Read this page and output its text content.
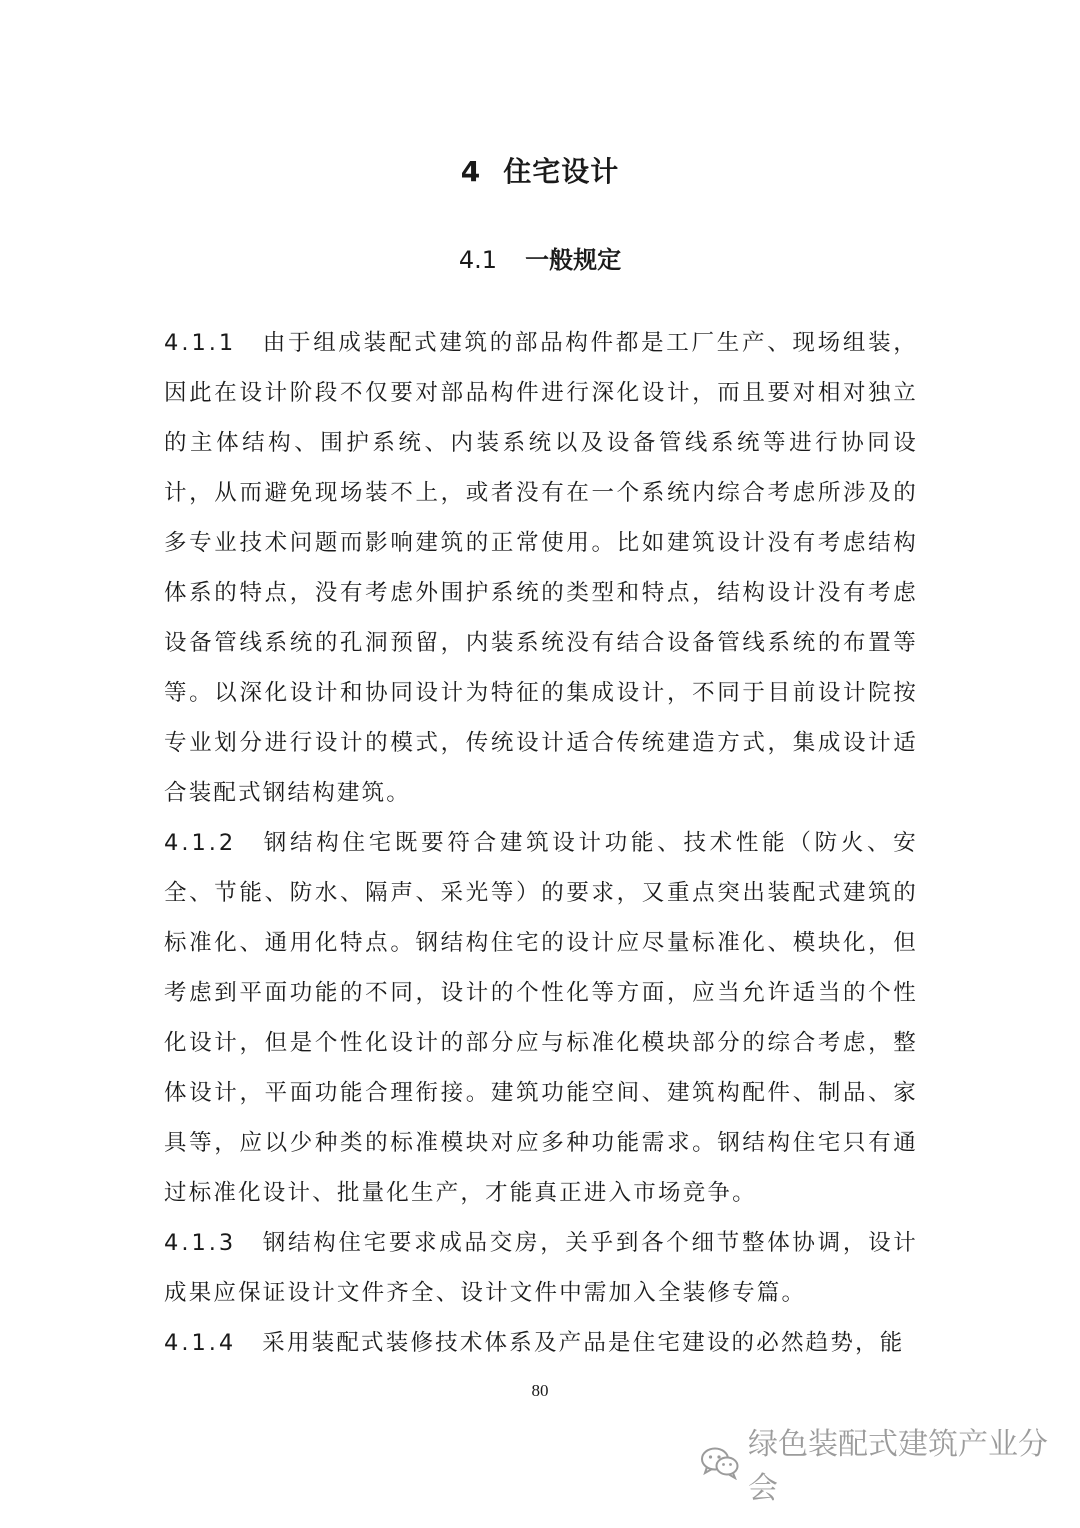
4 住宅设计
4.1 一般规定

4.1.1 由于组成装配式建筑的部品构件都是工厂生产、现场组装，因此在设计阶段不仅要对部品构件进行深化设计，而且要对相对独立的主体结构、围护系统、内装系统以及设备管线系统等进行协同设计，从而避免现场装不上，或者没有在一个系统内综合考虑所涉及的多专业技术问题而影响建筑的正常使用。比如建筑设计没有考虑结构体系的特点，没有考虑外围护系统的类型和特点，结构设计没有考虑设备管线系统的孔洞预留，内装系统没有结合设备管线系统的布置等等。以深化设计和协同设计为特征的集成设计，不同于目前设计院按专业划分进行设计的模式，传统设计适合传统建造方式，集成设计适合装配式钢结构建筑。

4.1.2 钢结构住宅既要符合建筑设计功能、技术性能（防火、安全、节能、防水、隔声、采光等）的要求，又重点突出装配式建筑的标准化、通用化特点。钢结构住宅的设计应尽量标准化、模块化，但考虑到平面功能的不同，设计的个性化等方面，应当允许适当的个性化设计，但是个性化设计的部分应与标准化模块部分的综合考虑，整体设计，平面功能合理衔接。建筑功能空间、建筑构配件、制品、家具等，应以少种类的标准模块对应多种功能需求。钢结构住宅只有通过标准化设计、批量化生产，才能真正进入市场竞争。

4.1.3 钢结构住宅要求成品交房，关乎到各个细节整体协调，设计成果应保证设计文件齐全、设计文件中需加入全装修专篇。

4.1.4 采用装配式装修技术体系及产品是住宅建设的必然趋势，能

80
绿色装配式建筑产业分会
